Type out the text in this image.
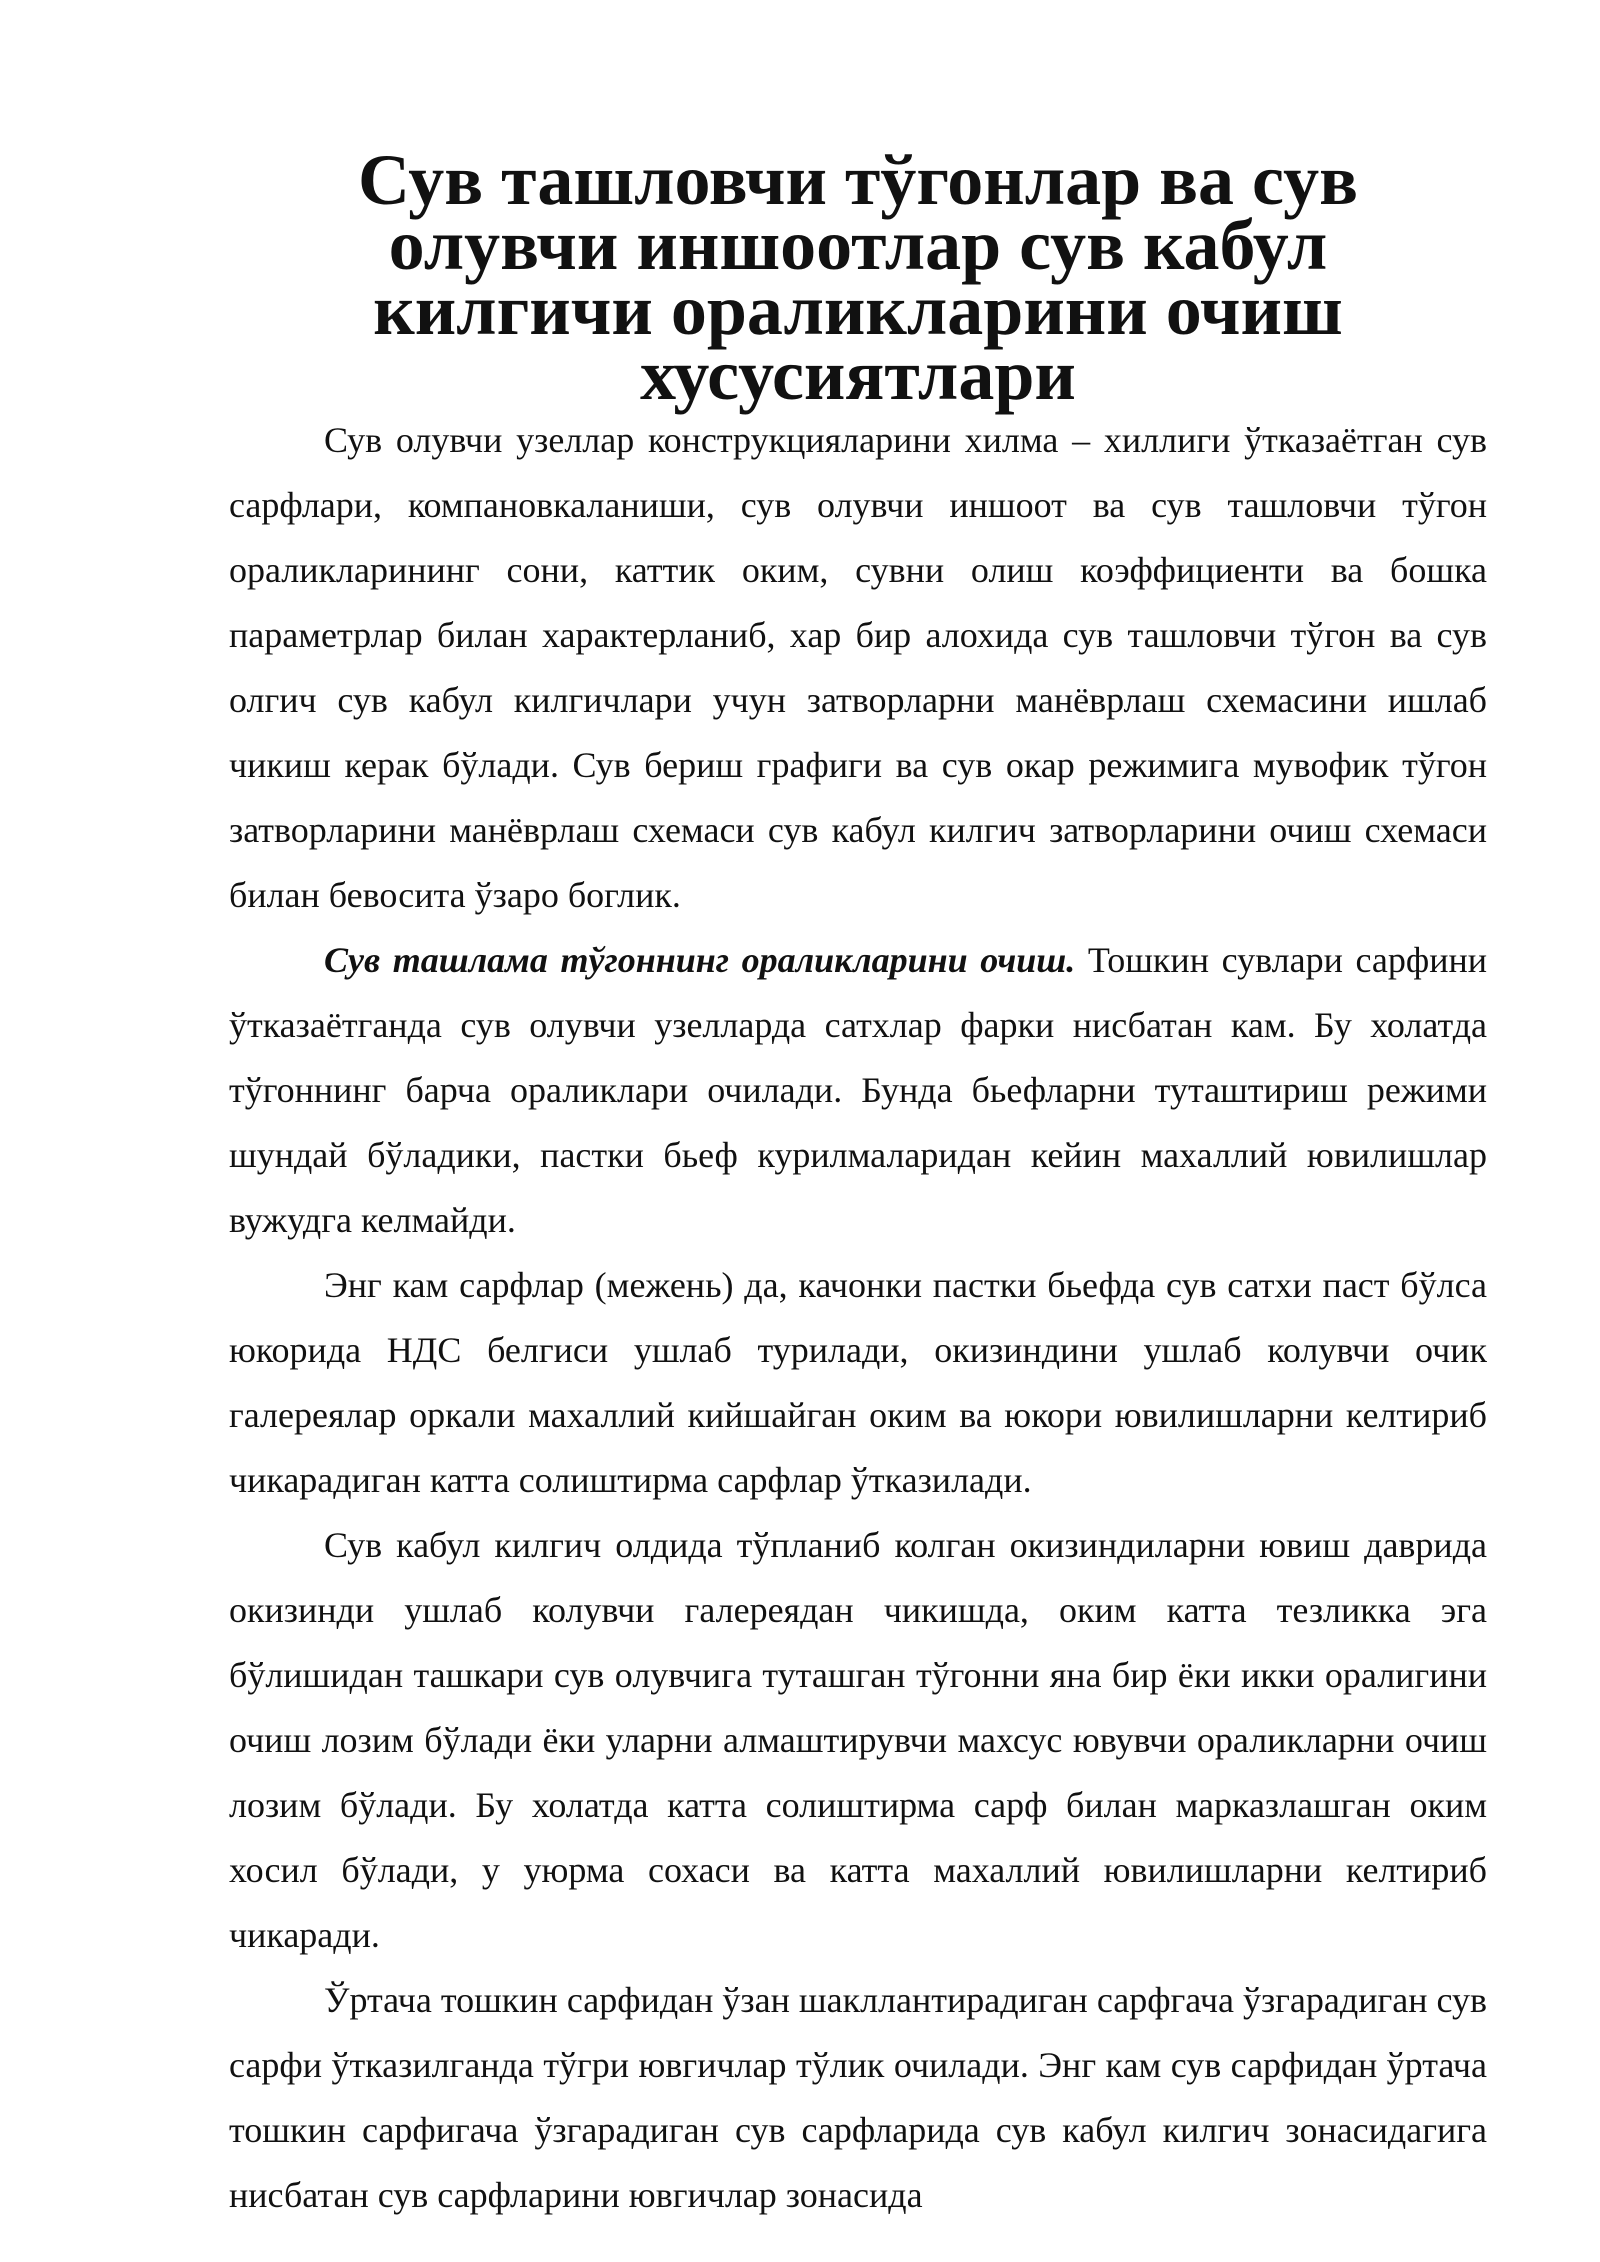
Сув ташловчи тўгонлар ва сув олувчи иншоотлар сув кабул килгичи ораликларини очиш хусусиятлари

Сув олувчи узеллар конструкцияларини хилма – хиллиги ўтказаётган сув сарфлари, компановкаланиши, сув олувчи иншоот ва сув ташловчи тўгон ораликларининг сони, каттик оким, сувни олиш коэффициенти ва бошка параметрлар билан характерланиб, хар бир алохида сув ташловчи тўгон ва сув олгич сув кабул килгичлари учун затворларни манёврлаш схемасини ишлаб чикиш керак бўлади. Сув бериш графиги ва сув окар режимига мувофик тўгон затворларини манёврлаш схемаси сув кабул килгич затворларини очиш схемаси билан бевосита ўзаро боглик.

Сув ташлама тўгоннинг ораликларини очиш. Тошкин сувлари сарфини ўтказаётганда сув олувчи узелларда сатхлар фарки нисбатан кам. Бу холатда тўгоннинг барча ораликлари очилади. Бунда бьефларни туташтириш режими шундай бўладики, пастки бьеф курилмаларидан кейин махаллий ювилишлар вужудга келмайди.

Энг кам сарфлар (межень) да, качонки пастки бьефда сув сатхи паст бўлса юкорида НДС белгиси ушлаб турилади, окизиндини ушлаб колувчи очик галереялар оркали махаллий кийшайган оким ва юкори ювилишларни келтириб чикарадиган катта солиштирма сарфлар ўтказилади.

Сув кабул килгич олдида тўпланиб колган окизиндиларни ювиш даврида окизинди ушлаб колувчи галереядан чикишда, оким катта тезликка эга бўлишидан ташкари сув олувчига туташган тўгонни яна бир ёки икки оралигини очиш лозим бўлади ёки уларни алмаштирувчи махсус ювувчи ораликларни очиш лозим бўлади. Бу холатда катта солиштирма сарф билан марказлашган оким хосил бўлади, у уюрма сохаси ва катта махаллий ювилишларни келтириб чикаради.

Ўртача тошкин сарфидан ўзан шакллантирадиган сарфгача ўзгарадиган сув сарфи ўтказилганда тўгри ювгичлар тўлик очилади. Энг кам сув сарфидан ўртача тошкин сарфигача ўзгарадиган сув сарфларида сув кабул килгич зонасидагига нисбатан сув сарфларини ювгичлар зонасида
